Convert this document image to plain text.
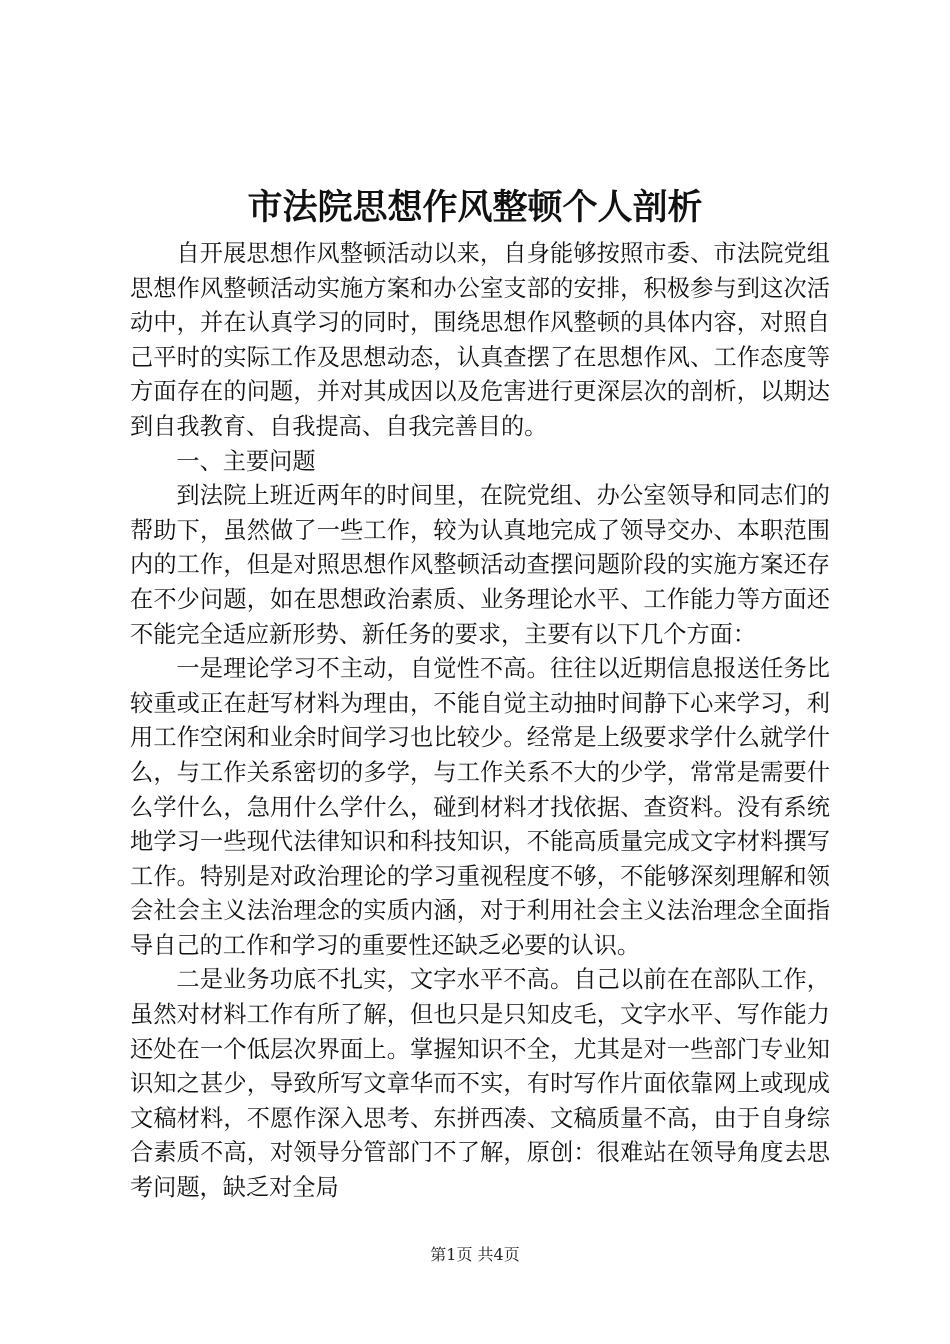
市法院思想作风整顿个人剖析

自开展思想作风整顿活动以来，自身能够按照市委、市法院党组思想作风整顿活动实施方案和办公室支部的安排，积极参与到这次活动中，并在认真学习的同时，围绕思想作风整顿的具体内容，对照自己平时的实际工作及思想动态，认真查摆了在思想作风、工作态度等方面存在的问题，并对其成因以及危害进行更深层次的剖析，以期达到自我教育、自我提高、自我完善目的。

一、主要问题

到法院上班近两年的时间里，在院党组、办公室领导和同志们的帮助下，虽然做了一些工作，较为认真地完成了领导交办、本职范围内的工作，但是对照思想作风整顿活动查摆问题阶段的实施方案还存在不少问题，如在思想政治素质、业务理论水平、工作能力等方面还不能完全适应新形势、新任务的要求，主要有以下几个方面：

一是理论学习不主动，自觉性不高。往往以近期信息报送任务比较重或正在赶写材料为理由，不能自觉主动抽时间静下心来学习，利用工作空闲和业余时间学习也比较少。经常是上级要求学什么就学什么，与工作关系密切的多学，与工作关系不大的少学，常常是需要什么学什么，急用什么学什么，碰到材料才找依据、查资料。没有系统地学习一些现代法律知识和科技知识，不能高质量完成文字材料撰写工作。特别是对政治理论的学习重视程度不够，不能够深刻理解和领会社会主义法治理念的实质内涵，对于利用社会主义法治理念全面指导自己的工作和学习的重要性还缺乏必要的认识。

二是业务功底不扎实，文字水平不高。自己以前在在部队工作，虽然对材料工作有所了解，但也只是只知皮毛，文字水平、写作能力还处在一个低层次界面上。掌握知识不全，尤其是对一些部门专业知识知之甚少，导致所写文章华而不实，有时写作片面依靠网上或现成文稿材料，不愿作深入思考、东拼西凑、文稿质量不高，由于自身综合素质不高，对领导分管部门不了解，原创：很难站在领导角度去思考问题，缺乏对全局

第1页 共4页
